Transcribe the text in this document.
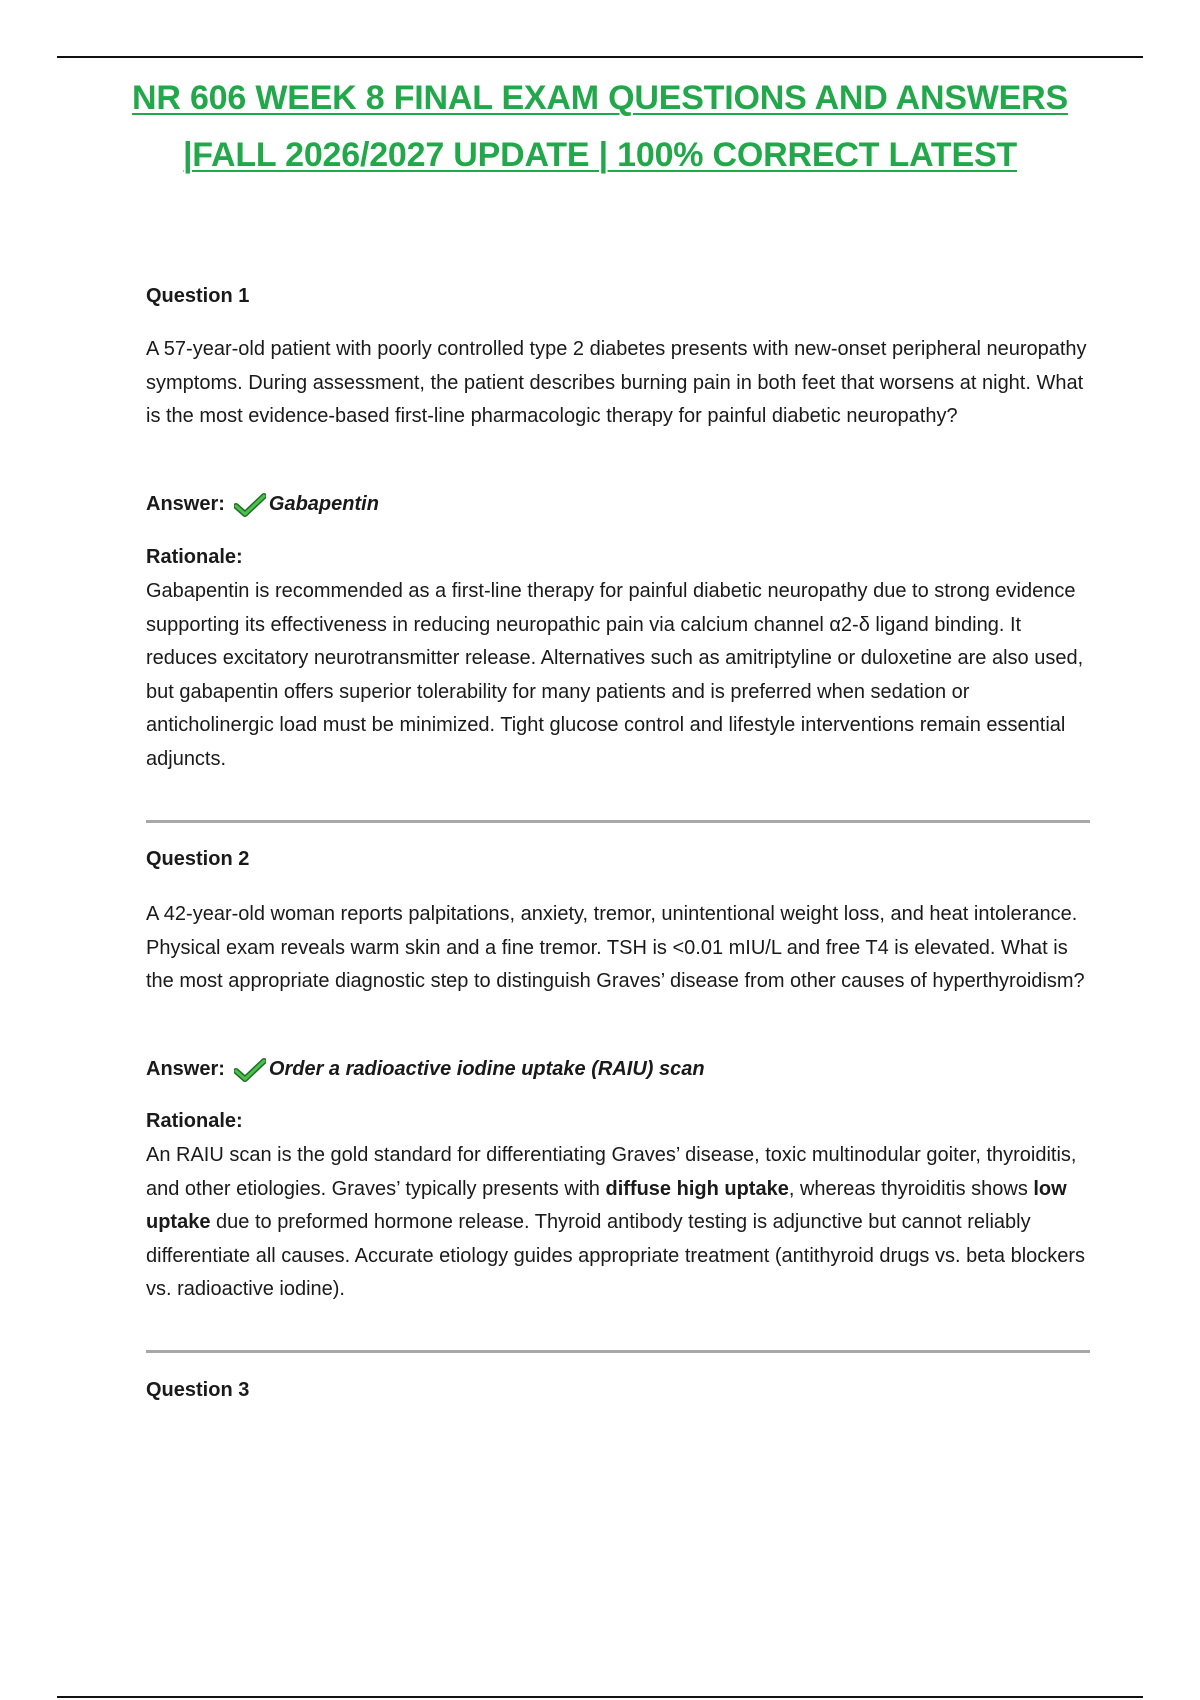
NR 606 WEEK 8 FINAL EXAM QUESTIONS AND ANSWERS
|FALL 2026/2027 UPDATE | 100% CORRECT LATEST

Question 1

A 57-year-old patient with poorly controlled type 2 diabetes presents with new-onset peripheral neuropathy symptoms. During assessment, the patient describes burning pain in both feet that worsens at night. What is the most evidence-based first-line pharmacologic therapy for painful diabetic neuropathy?

Answer: Gabapentin

Rationale:

Gabapentin is recommended as a first-line therapy for painful diabetic neuropathy due to strong evidence supporting its effectiveness in reducing neuropathic pain via calcium channel α2-δ ligand binding. It reduces excitatory neurotransmitter release. Alternatives such as amitriptyline or duloxetine are also used, but gabapentin offers superior tolerability for many patients and is preferred when sedation or anticholinergic load must be minimized. Tight glucose control and lifestyle interventions remain essential adjuncts.

Question 2

A 42-year-old woman reports palpitations, anxiety, tremor, unintentional weight loss, and heat intolerance. Physical exam reveals warm skin and a fine tremor. TSH is <0.01 mIU/L and free T4 is elevated. What is the most appropriate diagnostic step to distinguish Graves’ disease from other causes of hyperthyroidism?

Answer: Order a radioactive iodine uptake (RAIU) scan

Rationale:

An RAIU scan is the gold standard for differentiating Graves’ disease, toxic multinodular goiter, thyroiditis, and other etiologies. Graves’ typically presents with diffuse high uptake, whereas thyroiditis shows low uptake due to preformed hormone release. Thyroid antibody testing is adjunctive but cannot reliably differentiate all causes. Accurate etiology guides appropriate treatment (antithyroid drugs vs. beta blockers vs. radioactive iodine).

Question 3
